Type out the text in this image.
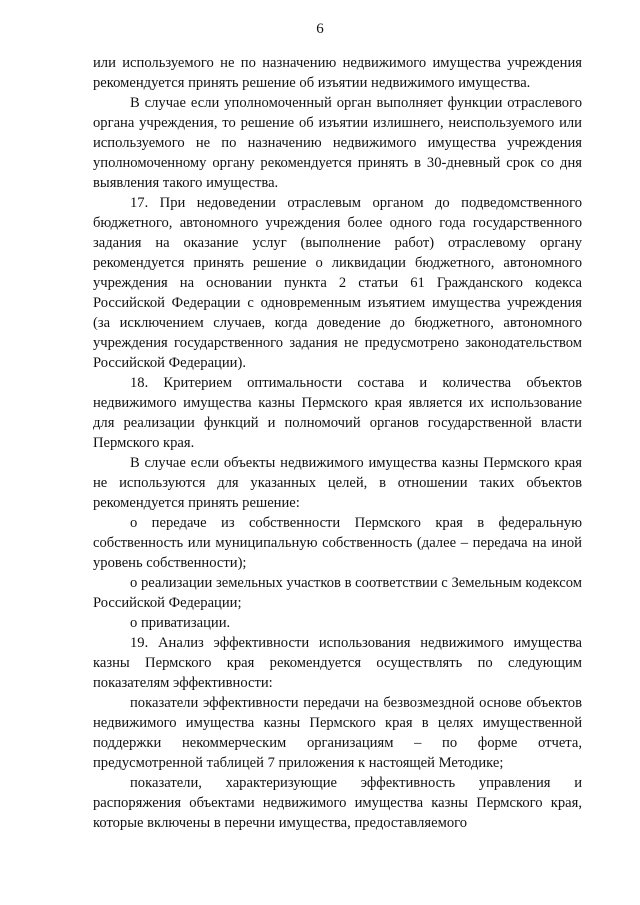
6

или используемого не по назначению недвижимого имущества учреждения рекомендуется принять решение об изъятии недвижимого имущества.

В случае если уполномоченный орган выполняет функции отраслевого органа учреждения, то решение об изъятии излишнего, неиспользуемого или используемого не по назначению недвижимого имущества учреждения уполномоченному органу рекомендуется принять в 30-дневный срок со дня выявления такого имущества.

17. При недоведении отраслевым органом до подведомственного бюджетного, автономного учреждения более одного года государственного задания на оказание услуг (выполнение работ) отраслевому органу рекомендуется принять решение о ликвидации бюджетного, автономного учреждения на основании пункта 2 статьи 61 Гражданского кодекса Российской Федерации с одновременным изъятием имущества учреждения (за исключением случаев, когда доведение до бюджетного, автономного учреждения государственного задания не предусмотрено законодательством Российской Федерации).

18. Критерием оптимальности состава и количества объектов недвижимого имущества казны Пермского края является их использование для реализации функций и полномочий органов государственной власти Пермского края.

В случае если объекты недвижимого имущества казны Пермского края не используются для указанных целей, в отношении таких объектов рекомендуется принять решение:

о передаче из собственности Пермского края в федеральную собственность или муниципальную собственность (далее – передача на иной уровень собственности);

о реализации земельных участков в соответствии с Земельным кодексом Российской Федерации;

о приватизации.

19. Анализ эффективности использования недвижимого имущества казны Пермского края рекомендуется осуществлять по следующим показателям эффективности:

показатели эффективности передачи на безвозмездной основе объектов недвижимого имущества казны Пермского края в целях имущественной поддержки некоммерческим организациям – по форме отчета, предусмотренной таблицей 7 приложения к настоящей Методике;

показатели, характеризующие эффективность управления и распоряжения объектами недвижимого имущества казны Пермского края, которые включены в перечни имущества, предоставляемого
